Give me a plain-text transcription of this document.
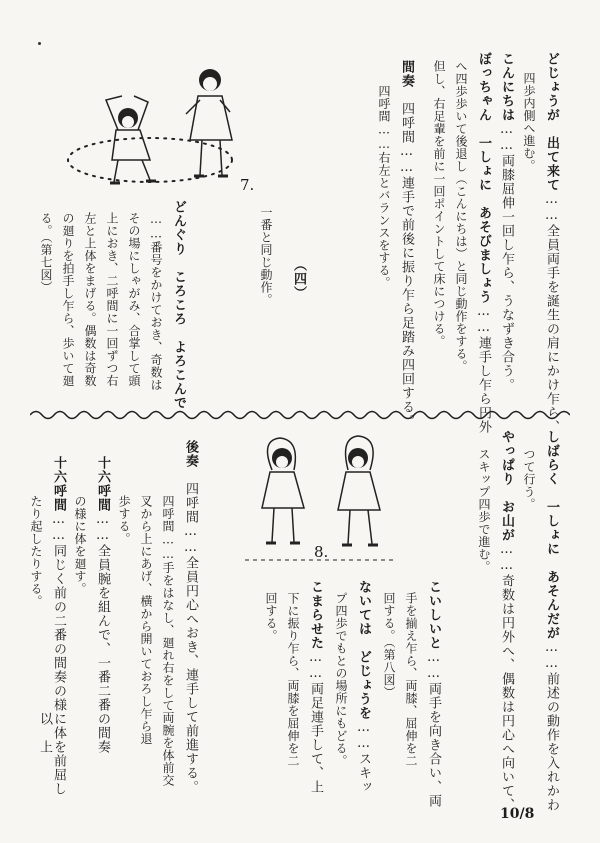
どじょうが　出て来て……全員両手を誕生の肩にかけ乍ら、
四歩内側へ進む。
こんにちは……両膝屈伸一回し乍ら、うなずき合う。
ぼっちゃん　一しょに　あそびましょう……連手し乍ら円外
へ四歩歩いて後退し（こんにちは）と同じ動作をする。
但し、右足輩を前に一回ポイントして床につける。
間奏　四呼間……連手で前後に振り乍ら足踏み四回する。
　　四呼間……右左とバランスをする。
（四）
一番と同じ動作。
どんぐり　ころころ　よろこんで
……番号をかけておき、奇数は
その場にしゃがみ、合掌して頭
上におき、二呼間に一回ずつ右
左と上体をまげる。偶数は奇数
の廻りを拍手し乍ら、歩いて廻
る。（第七図）
7.
しばらく　一しょに　あそんだが……前述の動作を入れかわ
つて行う。
やっぱり　お山が……奇数は円外へ、偶数は円心へ向いて、
スキップ四歩で進む。
こいしいと……両手を向き合い、両
手を揃え乍ら、両膝、屈伸を二
回する。（第八図）
ないては　どじょうを……スキッ
プ四歩でもとの場所にもどる。
こまらせた……両足連手して、上
下に振り乍ら、両膝を屈伸を二
回する。
後奏　四呼間……全員円心へおき、連手して前進する。
　　四呼間……手をはなし、廻れ右をして両腕を体前交
　　叉から上にあげ、横から開いておろし乍ら退
　　歩する。
十六呼間……全員腕を組んで、一番二番の間奏
　　の様に体を廻す。
十六呼間……同じく前の二番の間奏の様に体を前屈し
　　たり起したりする。
以　上
8.
10/8
